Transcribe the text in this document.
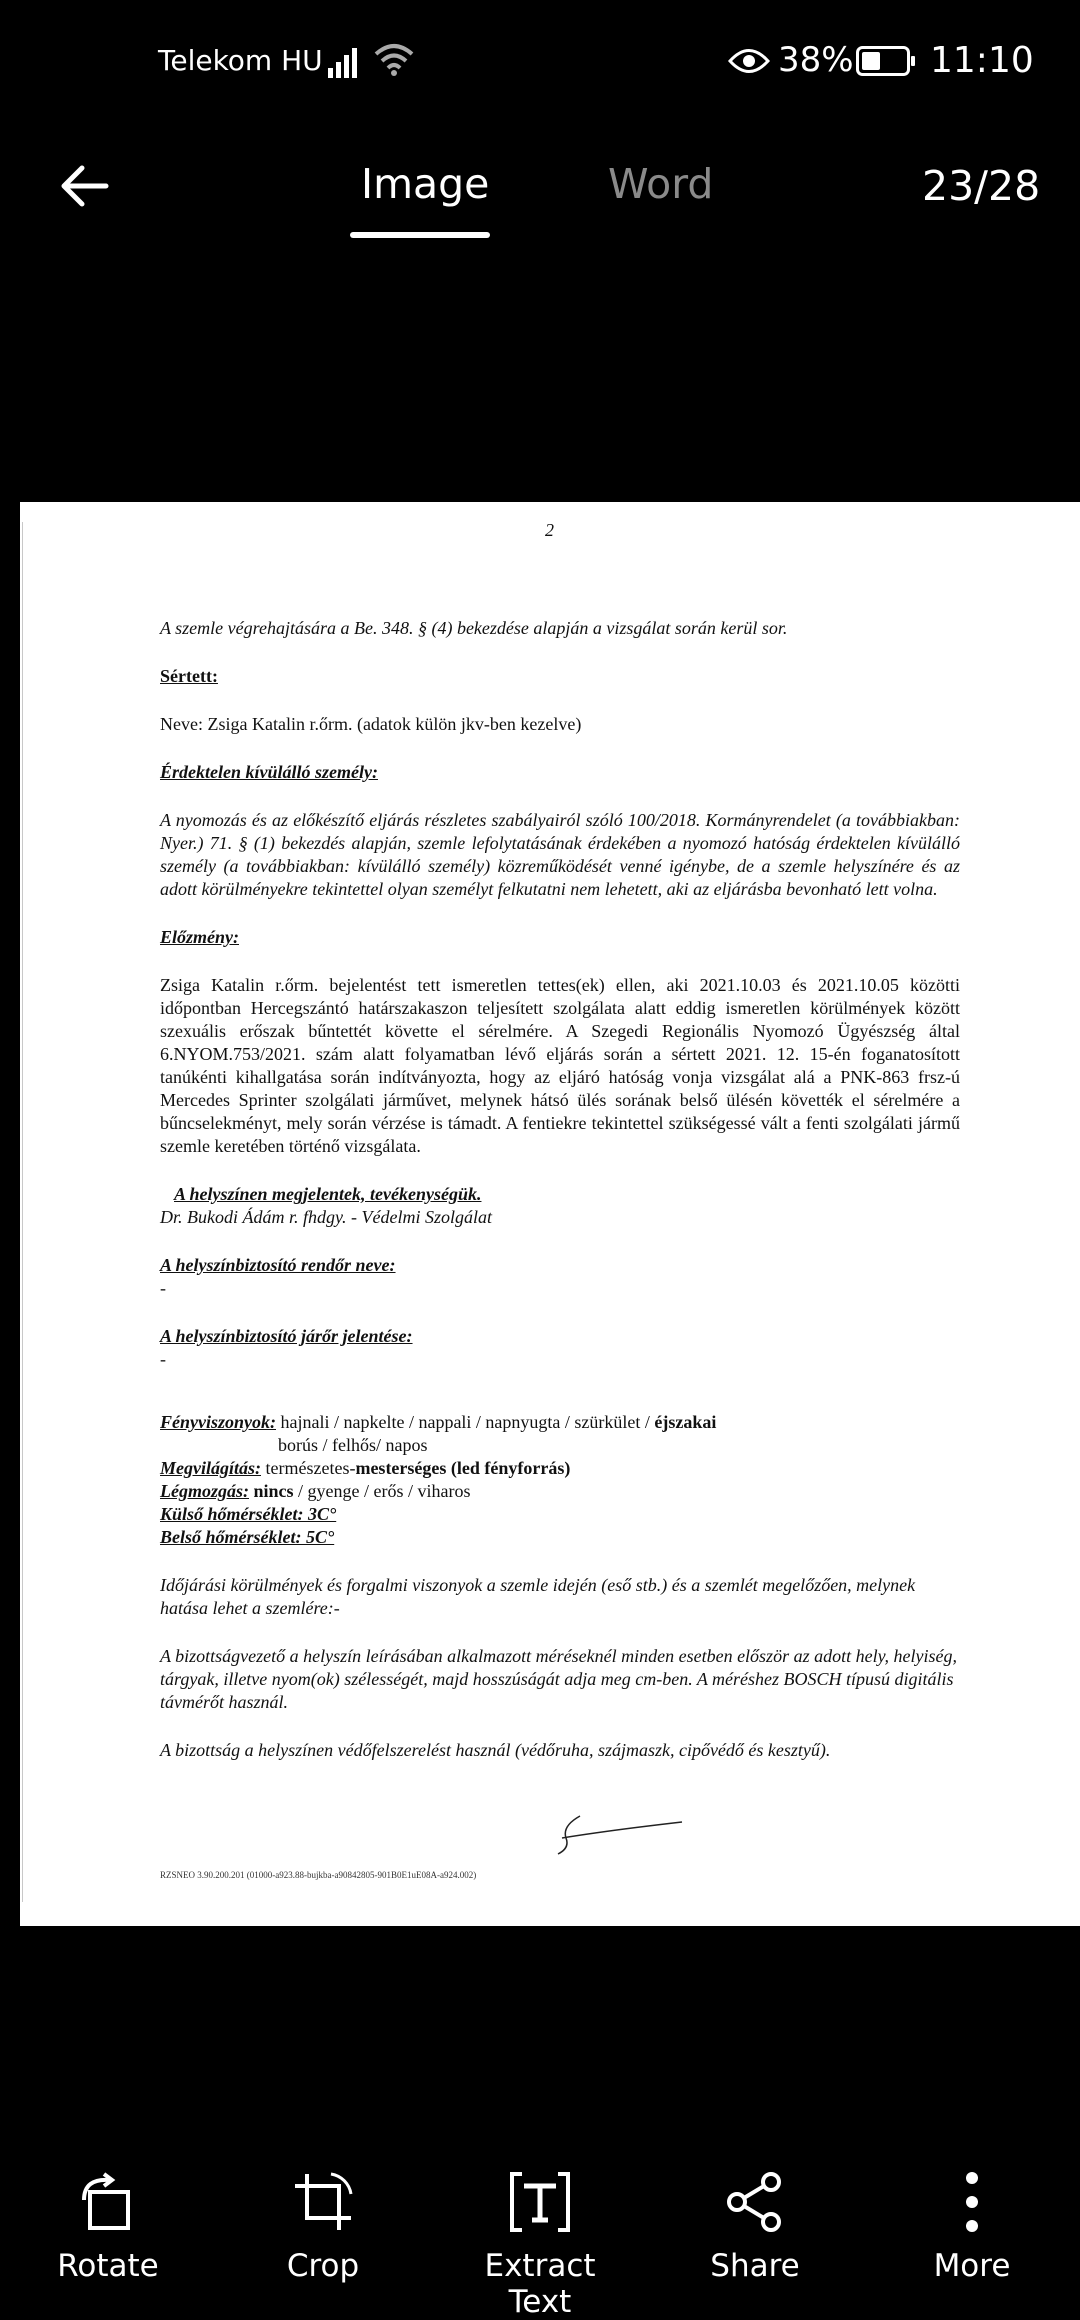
Telekom HU	38% 11:10
Image	Word	23/28
2

A szemle végrehajtására a Be. 348. § (4) bekezdése alapján a vizsgálat során kerül sor.

Sértett:

Neve: Zsiga Katalin r.őrm. (adatok külön jkv-ben kezelve)

Érdektelen kívülálló személy:

A nyomozás és az előkészítő eljárás részletes szabályairól szóló 100/2018. Kormányrendelet (a továbbiakban: Nyer.) 71. § (1) bekezdés alapján, szemle lefolytatásának érdekében a nyomozó hatóság érdektelen kívülálló személy (a továbbiakban: kívülálló személy) közreműködését venné igénybe, de a szemle helyszínére és az adott körülményekre tekintettel olyan személyt felkutatni nem lehetett, aki az eljárásba bevonható lett volna.

Előzmény:

Zsiga Katalin r.őrm. bejelentést tett ismeretlen tettes(ek) ellen, aki 2021.10.03 és 2021.10.05 közötti időpontban Hercegszántó határszakaszon teljesített szolgálata alatt eddig ismeretlen körülmények között szexuális erőszak bűntettét követte el sérelmére. A Szegedi Regionális Nyomozó Ügyészség által 6.NYOM.753/2021. szám alatt folyamatban lévő eljárás során a sértett 2021. 12. 15-én foganatosított tanúkénti kihallgatása során indítványozta, hogy az eljáró hatóság vonja vizsgálat alá a PNK-863 frsz-ú Mercedes Sprinter szolgálati járművet, melynek hátsó ülés sorának belső ülésén követték el sérelmére a bűncselekményt, mely során vérzése is támadt. A fentiekre tekintettel szükségessé vált a fenti szolgálati jármű szemle keretében történő vizsgálata.

A helyszínen megjelentek, tevékenységük.

Dr. Bukodi Ádám r. fhdgy. - Védelmi Szolgálat

A helyszínbiztosító rendőr neve:

-

A helyszínbiztosító járőr jelentése:

-

Fényviszonyok: hajnali / napkelte / nappali / napnyugta / szürkület / éjszakai

borús / felhős/ napos

Megvilágítás: természetes-mesterséges (led fényforrás)

Légmozgás: nincs / gyenge / erős / viharos

Külső hőmérséklet: 3C°

Belső hőmérséklet: 5C°

Időjárási körülmények és forgalmi viszonyok a szemle idején (eső stb.) és a szemlét megelőzően, melynek hatása lehet a szemlére:-

A bizottságvezető a helyszín leírásában alkalmazott méréseknél minden esetben először az adott hely, helyiség, tárgyak, illetve nyom(ok) szélességét, majd hosszúságát adja meg cm-ben. A méréshez BOSCH típusú digitális távmérőt használ.

A bizottság a helyszínen védőfelszerelést használ (védőruha, szájmaszk, cipővédő és kesztyű).

RZSNEO 3.90.200.201 (01000-a923.88-bujkba-a90842805-901B0E1uE08A-a924.002)
Rotate	Crop	Extract Text
Share	More
